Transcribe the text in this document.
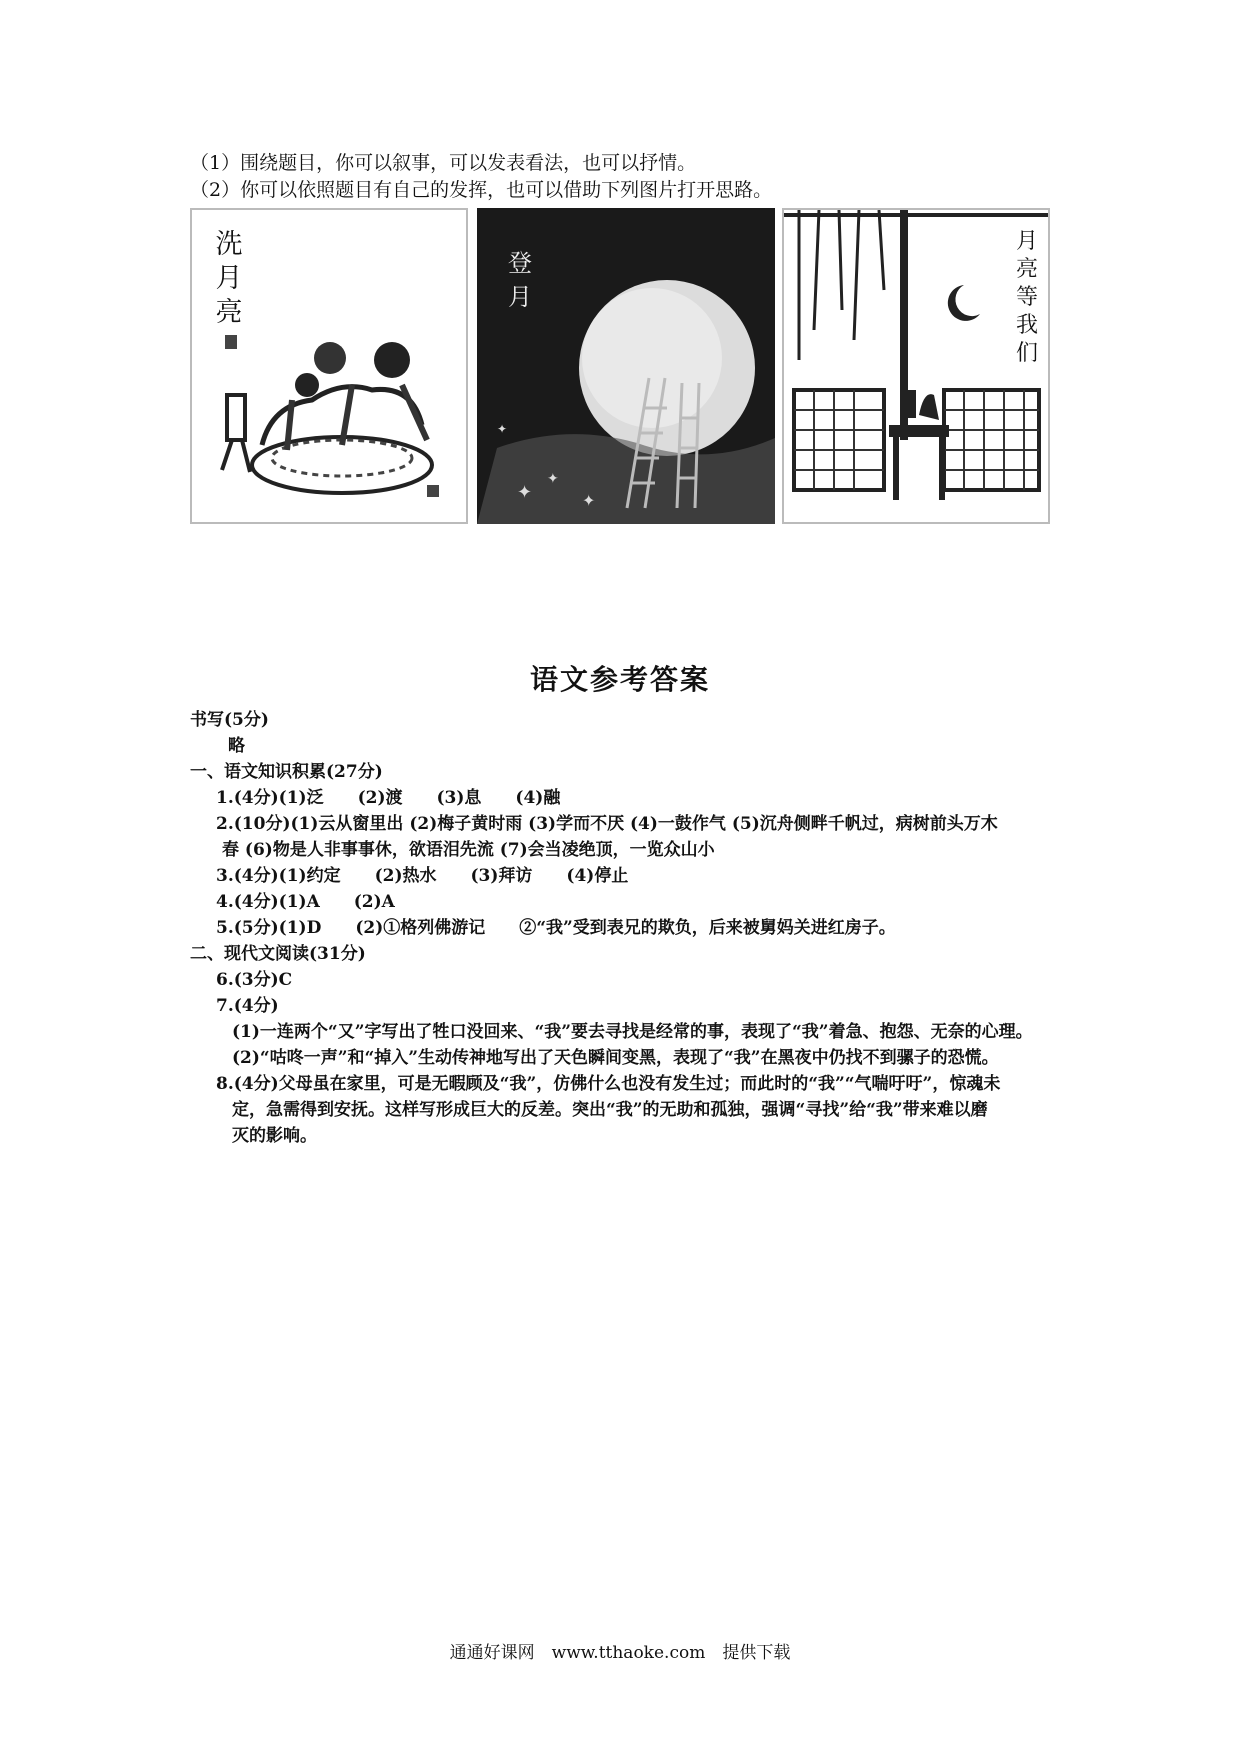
（1）围绕题目，你可以叙事，可以发表看法，也可以抒情。
（2）你可以依照题目有自己的发挥，也可以借助下列图片打开思路。
洗
月
亮
✦
✦
✦
✦
登
月
月
亮
等
我
们
语文参考答案
书写(5分)
略
一、语文知识积累(27分)
1.(4分)(1)泛　　(2)渡　　(3)息　　(4)融
2.(10分)(1)云从窗里出 (2)梅子黄时雨 (3)学而不厌 (4)一鼓作气 (5)沉舟侧畔千帆过，病树前头万木
春 (6)物是人非事事休，欲语泪先流 (7)会当凌绝顶，一览众山小
3.(4分)(1)约定　　(2)热水　　(3)拜访　　(4)停止
4.(4分)(1)A　　(2)A
5.(5分)(1)D　　(2)①格列佛游记　　②“我”受到表兄的欺负，后来被舅妈关进红房子。
二、现代文阅读(31分)
6.(3分)C
7.(4分)
(1)一连两个“又”字写出了牲口没回来、“我”要去寻找是经常的事，表现了“我”着急、抱怨、无奈的心理。
(2)“咕咚一声”和“掉入”生动传神地写出了天色瞬间变黑，表现了“我”在黑夜中仍找不到骡子的恐慌。
8.(4分)父母虽在家里，可是无暇顾及“我”，仿佛什么也没有发生过；而此时的“我”“气喘吁吁”，惊魂未
定，急需得到安抚。这样写形成巨大的反差。突出“我”的无助和孤独，强调“寻找”给“我”带来难以磨
灭的影响。
通通好课网　www.tthaoke.com　提供下载
